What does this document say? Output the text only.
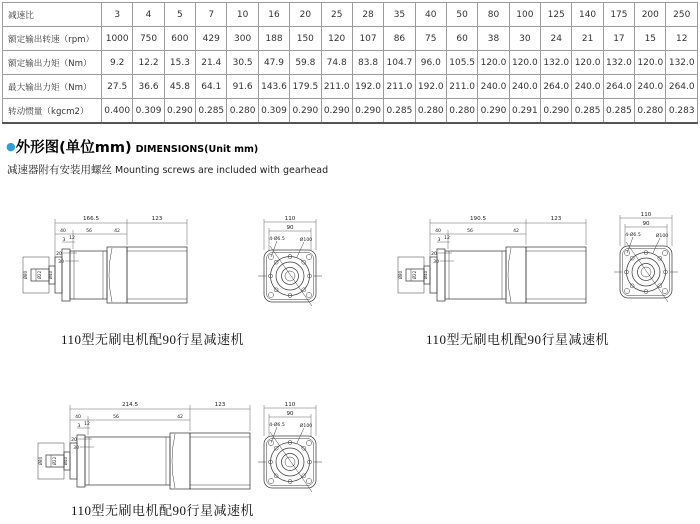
减速比	3	4	5	7	10	16	20	25	28	35	40	50	80	100	125	140	175	200	250
额定输出转速（rpm）	1000	750	600	429	300	188	150	120	107	86	75	60	38	30	24	21	17	15	12
额定输出力矩（Nm）	9.2	12.2	15.3	21.4	30.5	47.9	59.8	74.8	83.8	104.7	96.0	105.5	120.0	120.0	132.0	120.0	132.0	120.0	132.0
最大输出力矩（Nm）	27.5	36.6	45.8	64.1	91.6	143.6	179.5	211.0	192.0	211.0	192.0	211.0	240.0	240.0	264.0	240.0	264.0	240.0	264.0
转动惯量（kgcm2）	0.400	0.309	0.290	0.285	0.280	0.309	0.290	0.290	0.290	0.285	0.280	0.280	0.290	0.291	0.290	0.285	0.285	0.280	0.283
●外形图(单位mm) DIMENSIONS(Unit mm)
减速器附有安装用螺丝 Mounting screws are included with gearhead
166.5	123
40	56	42
3 12
20
30
Ø80 Ø22 Ø40
110
90
4-Ø6.5	Ø100
110型无刷电机配90行星减速机
190.5	123
40	56	42
3 12
20
30
Ø80 Ø22 Ø40
110
90
4-Ø6.5	Ø100
110型无刷电机配90行星减速机
214.5	123
40	56	42
3 12
20
30
Ø80 Ø22 Ø40
110
90
4-Ø6.5	Ø100
110型无刷电机配90行星减速机
